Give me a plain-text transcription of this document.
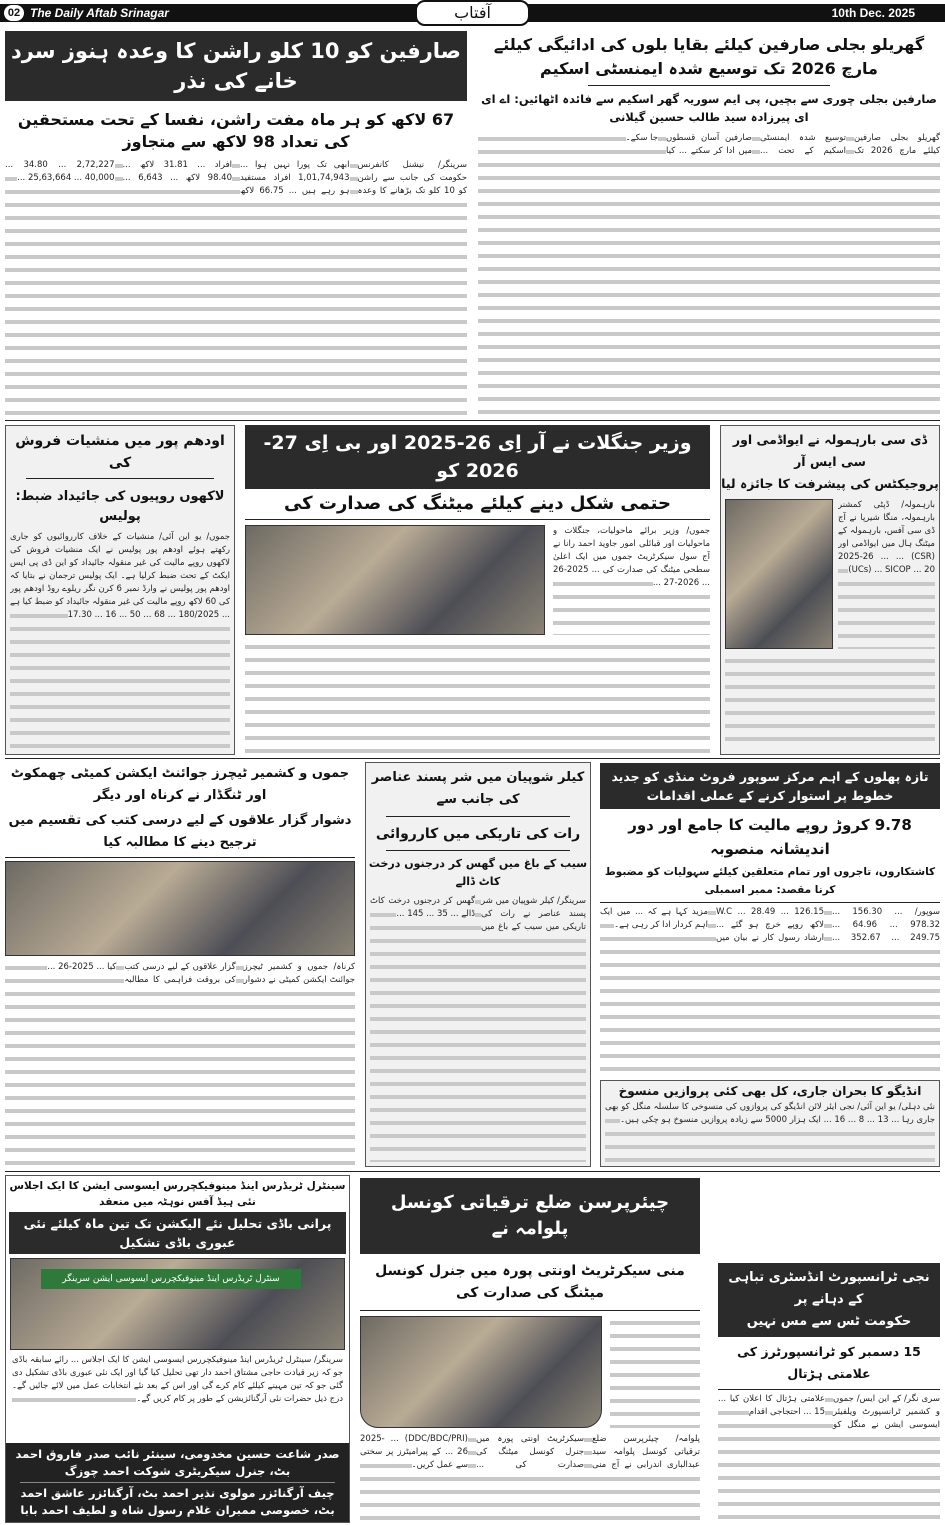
02 The Daily Aftab Srinagar	10th Dec. 2025
آفتاب
صارفین کو 10 کلو راشن کا وعدہ ہنوز سرد خانے کی نذر
67 لاکھ کو ہر ماہ مفت راشن، نفسا کے تحت مستحقین کی تعداد 98 لاکھ سے متجاوز
سرینگر/ نیشنل کانفرنس حکومت کی جانب سے راشن کو 10 کلو تک بڑھانے کا وعدہ ابھی تک پورا نہیں ہوا ... 1,01,74,943 افراد مستفید ہو رہے ہیں ... 66.75 لاکھ افراد ... 31.81 لاکھ ... 98.40 لاکھ ... 6,643 ... 2,72,227 ... 34.80 ... 40,000 ... 25,63,664 ...
گھریلو بجلی صارفین کیلئے بقایا بلوں کی ادائیگی کیلئے مارچ 2026 تک توسیع شدہ ایمنسٹی اسکیم
صارفین بجلی چوری سے بچیں، پی ایم سوریہ گھر اسکیم سے فائدہ اٹھائیں: اے ای ای پیرزادہ سید طالب حسین گیلانی
گھریلو بجلی صارفین کیلئے مارچ 2026 تک توسیع شدہ ایمنسٹی اسکیم کے تحت ... صارفین آسان قسطوں میں ادا کر سکتے ... کیا جا سکے۔
اودھم پور میں منشیات فروش کی
لاکھوں روپیوں کی جائیداد ضبط: پولیس
جموں/ یو این آئی/ منشیات کے خلاف کارروائیوں کو جاری رکھتے ہوئے اودھم پور پولیس نے ایک منشیات فروش کی لاکھوں روپے مالیت کی غیر منقولہ جائیداد کو این ڈی پی ایس ایکٹ کے تحت ضبط کرلیا ہے۔ ایک پولیس ترجمان نے بتایا کہ اودھم پور پولیس نے وارڈ نمبر 6 کرن نگر ریلوے روڈ اودھم پور کی 60 لاکھ روپے مالیت کی غیر منقولہ جائیداد کو ضبط کیا ہے ... 180/2025 ... 68 ... 50 ... 16 ... 17.30
وزیر جنگلات نے آر اِی 26-2025 اور بی اِی 27-2026 کو
حتمی شکل دینے کیلئے میٹنگ کی صدارت کی
جموں/ وزیر برائے ماحولیات، جنگلات و ماحولیات اور قبائلی امور جاوید احمد رانا نے آج سول سیکرٹریٹ جموں میں ایک اعلیٰ سطحی میٹنگ کی صدارت کی ... 2025-26 ... 2026-27 ...
ڈی سی بارہمولہ نے ایواڈمی اور سی ایس آر
پروجیکٹس کی پیشرفت کا جائزہ لیا
بارہمولہ/ ڈپٹی کمشنر بارہمولہ، منگا شیرپا نے آج ڈی سی آفس، بارہمولہ کے میٹنگ ہال میں ایواڈمی اور (CSR) ... 2025-26 ... (UCs) ... SICOP ... 20
جموں و کشمیر ٹیچرز جوائنٹ ایکشن کمیٹی چھمکوٹ اور ٹنگڈار نے کرناہ اور دیگر
دشوار گزار علاقوں کے لیے درسی کتب کی تقسیم میں ترجیح دینے کا مطالبہ کیا
کرناہ/ جموں و کشمیر ٹیچرز جوائنٹ ایکشن کمیٹی نے دشوار گزار علاقوں کے لیے درسی کتب کی بروقت فراہمی کا مطالبہ کیا ... 2025-26 ...
کیلر شوپیان میں شر پسند عناصر کی جانب سے
رات کی تاریکی میں کارروائی
سیب کے باغ میں گھس کر درجنوں درخت کاٹ ڈالے
سرینگر/ کیلر شوپیان میں شر پسند عناصر نے رات کی تاریکی میں سیب کے باغ میں گھس کر درجنوں درخت کاٹ ڈالے ... 35 ... 145 ...
تازہ پھلوں کے اہم مرکز سوپور فروٹ منڈی کو جدید خطوط پر استوار کرنے کے عملی اقدامات
9.78 کروڑ روپے مالیت کا جامع اور دور اندیشانہ منصوبہ
کاشتکاروں، تاجروں اور تمام متعلقین کیلئے سہولیات کو مضبوط کرنا مقصد: ممبر اسمبلی
سوپور/ ... 156.30 ... 978.32 ... 64.96 ... 249.75 ... 352.67 ... 126.15 ... W.C ... 28.49 لاکھ روپے خرچ ہو گئے ... ارشاد رسول کار نے بیان میں مزید کہا ہے کہ ... میں ایک اہم کردار ادا کر رہی ہے۔
انڈیگو کا بحران جاری، کل بھی کئی پروازیں منسوخ
نئی دہلی/ یو این آئی/ نجی ایئر لائن انڈیگو کی پروازوں کی منسوخی کا سلسلہ منگل کو بھی جاری رہا ... 13 ... 8 ... 16 ... ایک ہزار 5000 سے زیادہ پروازیں منسوخ ہو چکی ہیں۔
سینٹرل ٹریڈرس اینڈ مینوفیکچررس ایسوسی ایشن کا ایک اجلاس نئی ہیڈ آفس نوہٹہ میں منعقد
پرانی باڈی تحلیل نئے الیکشن تک تین ماہ کیلئے نئی عبوری باڈی تشکیل
سنٹرل ٹریڈرس اینڈ مینوفیکچررس ایسوسی ایشن سرینگر
سرینگر/ سینٹرل ٹریڈرس اینڈ مینوفیکچررس ایسوسی ایشن کا ایک اجلاس ... رائے سابقہ باڈی جو کہ زیر قیادت حاجی مشتاق احمد دار تھی تحلیل کیا گیا اور ایک نئی عبوری باڈی تشکیل دی گئی جو کہ تین مہینے کیلئے کام کرے گی اور اس کے بعد نئے انتخابات عمل میں لائے جائیں گے۔ درج ذیل حضرات نئی آرگنائزیشن کے طور پر کام کریں گے۔
صدر شاعت حسین مخدومی، سینئر نائب صدر فاروق احمد بٹ، جنرل سیکریٹری شوکت احمد چوزگ
چیف آرگنائزر مولوی نذیر احمد بٹ، آرگنائزر عاشق احمد بٹ، خصوصی ممبران غلام رسول شاہ و لطیف احمد بابا
چیئرپرسن ضلع ترقیاتی کونسل پلوامہ نے
منی سیکرٹریٹ اونتی پورہ میں جنرل کونسل میٹنگ کی صدارت کی
پلوامہ/ چیئرپرسن ضلع ترقیاتی کونسل پلوامہ سید عبدالباری اندرابی نے آج منی سیکرٹریٹ اونتی پورہ میں جنرل کونسل میٹنگ کی صدارت کی ... (DDC/BDC/PRI) ... 2025-26 ... کے پیرامیٹرز پر سختی سے عمل کریں۔
نجی ٹرانسپورٹ انڈسٹری تباہی کے دہانے پر
حکومت ٹس سے مس نہیں
15 دسمبر کو ٹرانسپورٹرز کی علامتی ہڑتال
سری نگر/ کے این ایس/ جموں و کشمیر ٹرانسپورٹ ویلفیئر ایسوسی ایشن نے منگل کو علامتی ہڑتال کا اعلان کیا ... 15 ... احتجاجی اقدام
